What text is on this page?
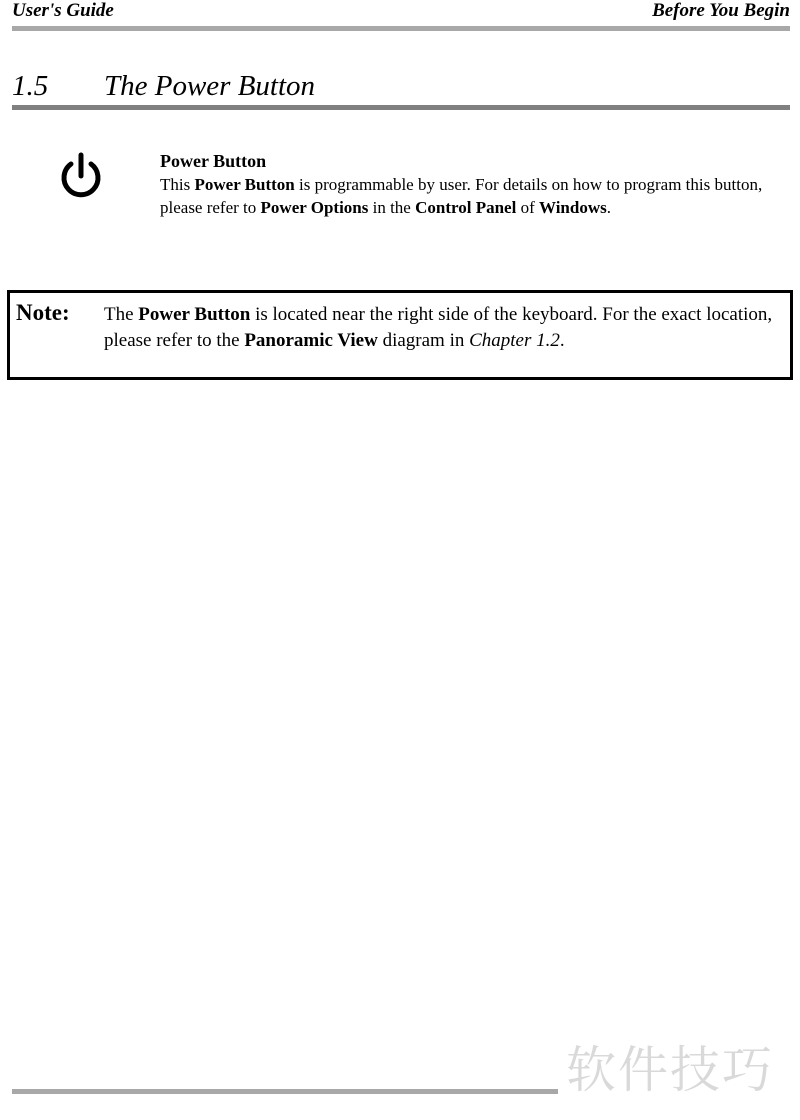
User's Guide	Before You Begin
1.5 The Power Button
Power Button
This Power Button is programmable by user. For details on how to program this button, please refer to Power Options in the Control Panel of Windows.
Note: The Power Button is located near the right side of the keyboard. For the exact location, please refer to the Panoramic View diagram in Chapter 1.2.
软件技巧
